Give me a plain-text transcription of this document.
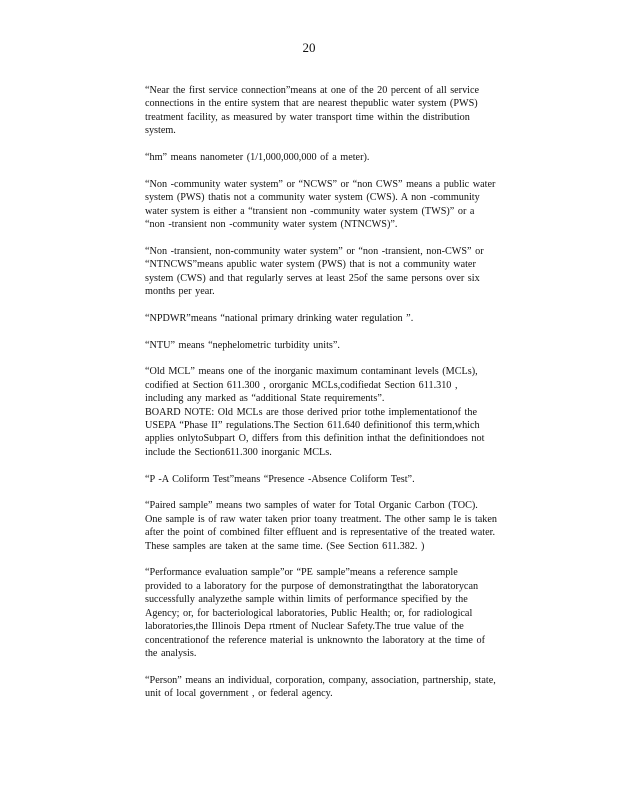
20

“Near the first service connection”means at one of the 20 percent of all service
connections in the entire system that are nearest thepublic water system (PWS)
treatment facility, as measured by water transport time within the distribution
system.

“hm” means nanometer (1/1,000,000,000 of a meter).

“Non -community water system” or “NCWS” or “non CWS” means a public water
system (PWS) thatis not a community water system (CWS). A non -community
water system is either a “transient non -community water system (TWS)” or a
“non -transient non -community water system (NTNCWS)”.

“Non -transient, non-community water system” or “non -transient, non-CWS” or
“NTNCWS”means apublic water system (PWS) that is not a community water
system (CWS) and that regularly serves at least 25of the same persons over six
months per year.

“NPDWR”means “national primary drinking water regulation ”.

“NTU” means “nephelometric turbidity units”.

“Old MCL” means one of the inorganic maximum contaminant levels (MCLs),
codified at Section 611.300 , ororganic MCLs,codifiedat Section 611.310 ,
including any marked as “additional State requirements”.
BOARD NOTE: Old MCLs are those derived prior tothe implementationof the
USEPA “Phase II” regulations.The Section 611.640 definitionof this term,which
applies onlytoSubpart O, differs from this definition inthat the definitiondoes not
include the Section611.300 inorganic MCLs.

“P -A Coliform Test”means “Presence -Absence Coliform Test”.

“Paired sample” means two samples of water for Total Organic Carbon (TOC).
One sample is of raw water taken prior toany treatment. The other samp le is taken
after the point of combined filter effluent and is representative of the treated water.
These samples are taken at the same time. (See Section 611.382. )

“Performance evaluation sample”or “PE sample”means a reference sample
provided to a laboratory for the purpose of demonstratingthat the laboratorycan
successfully analyzethe sample within limits of performance specified by the
Agency; or, for bacteriological laboratories, Public Health; or, for radiological
laboratories,the Illinois Depa rtment of Nuclear Safety.The true value of the
concentrationof the reference material is unknownto the laboratory at the time of
the analysis.

“Person” means an individual, corporation, company, association, partnership, state,
unit of local government , or federal agency.
